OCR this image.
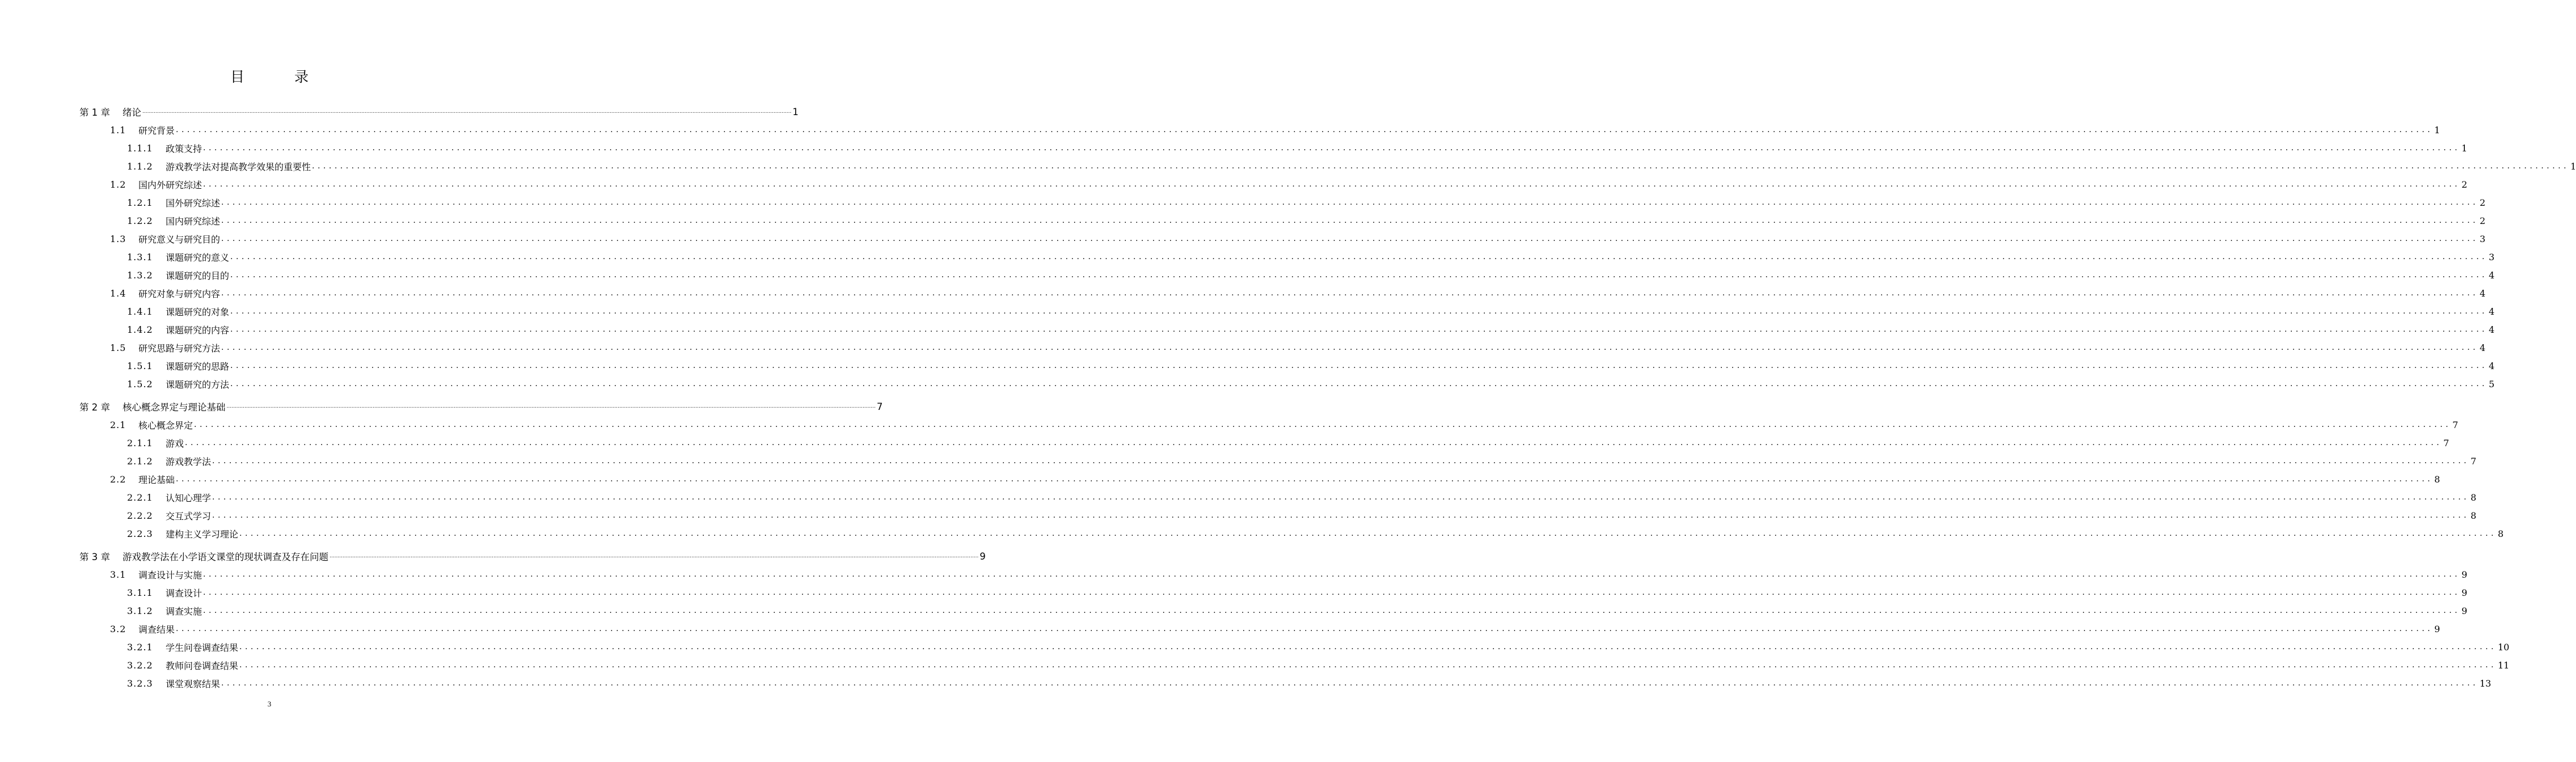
目 录
第 1 章	绪论 ................................................................................................................................................................................................................................................................................................................................................................................................................ 1
1.1	研究背景 ................................................................................................................................................................................................................................................................................................................................................................................................................ 1
1.1.1	政策支持 ................................................................................................................................................................................................................................................................................................................................................................................................................ 1
1.1.2	游戏教学法对提高教学效果的重要性 ................................................................................................................................................................................................................................................................................................................................................................................................................ 1
1.2	国内外研究综述 ................................................................................................................................................................................................................................................................................................................................................................................................................ 2
1.2.1	国外研究综述 ................................................................................................................................................................................................................................................................................................................................................................................................................ 2
1.2.2	国内研究综述 ................................................................................................................................................................................................................................................................................................................................................................................................................ 2
1.3	研究意义与研究目的 ................................................................................................................................................................................................................................................................................................................................................................................................................ 3
1.3.1	课题研究的意义 ................................................................................................................................................................................................................................................................................................................................................................................................................ 3
1.3.2	课题研究的目的 ................................................................................................................................................................................................................................................................................................................................................................................................................ 4
1.4	研究对象与研究内容 ................................................................................................................................................................................................................................................................................................................................................................................................................ 4
1.4.1	课题研究的对象 ................................................................................................................................................................................................................................................................................................................................................................................................................ 4
1.4.2	课题研究的内容 ................................................................................................................................................................................................................................................................................................................................................................................................................ 4
1.5	研究思路与研究方法 ................................................................................................................................................................................................................................................................................................................................................................................................................ 4
1.5.1	课题研究的思路 ................................................................................................................................................................................................................................................................................................................................................................................................................ 4
1.5.2	课题研究的方法 ................................................................................................................................................................................................................................................................................................................................................................................................................ 5
第 2 章	核心概念界定与理论基础 ................................................................................................................................................................................................................................................................................................................................................................................................................ 7
2.1	核心概念界定 ................................................................................................................................................................................................................................................................................................................................................................................................................ 7
2.1.1	游戏 ................................................................................................................................................................................................................................................................................................................................................................................................................ 7
2.1.2	游戏教学法 ................................................................................................................................................................................................................................................................................................................................................................................................................ 7
2.2	理论基础 ................................................................................................................................................................................................................................................................................................................................................................................................................ 8
2.2.1	认知心理学 ................................................................................................................................................................................................................................................................................................................................................................................................................ 8
2.2.2	交互式学习 ................................................................................................................................................................................................................................................................................................................................................................................................................ 8
2.2.3	建构主义学习理论 ................................................................................................................................................................................................................................................................................................................................................................................................................ 8
第 3 章	游戏教学法在小学语文课堂的现状调查及存在问题 ................................................................................................................................................................................................................................................................................................................................................................................................................ 9
3.1	调查设计与实施 ................................................................................................................................................................................................................................................................................................................................................................................................................ 9
3.1.1	调查设计 ................................................................................................................................................................................................................................................................................................................................................................................................................ 9
3.1.2	调查实施 ................................................................................................................................................................................................................................................................................................................................................................................................................ 9
3.2	调查结果 ................................................................................................................................................................................................................................................................................................................................................................................................................ 9
3.2.1	学生问卷调查结果 ................................................................................................................................................................................................................................................................................................................................................................................................................ 10
3.2.2	教师问卷调查结果 ................................................................................................................................................................................................................................................................................................................................................................................................................ 11
3.2.3	课堂观察结果 ................................................................................................................................................................................................................................................................................................................................................................................................................ 13
3
